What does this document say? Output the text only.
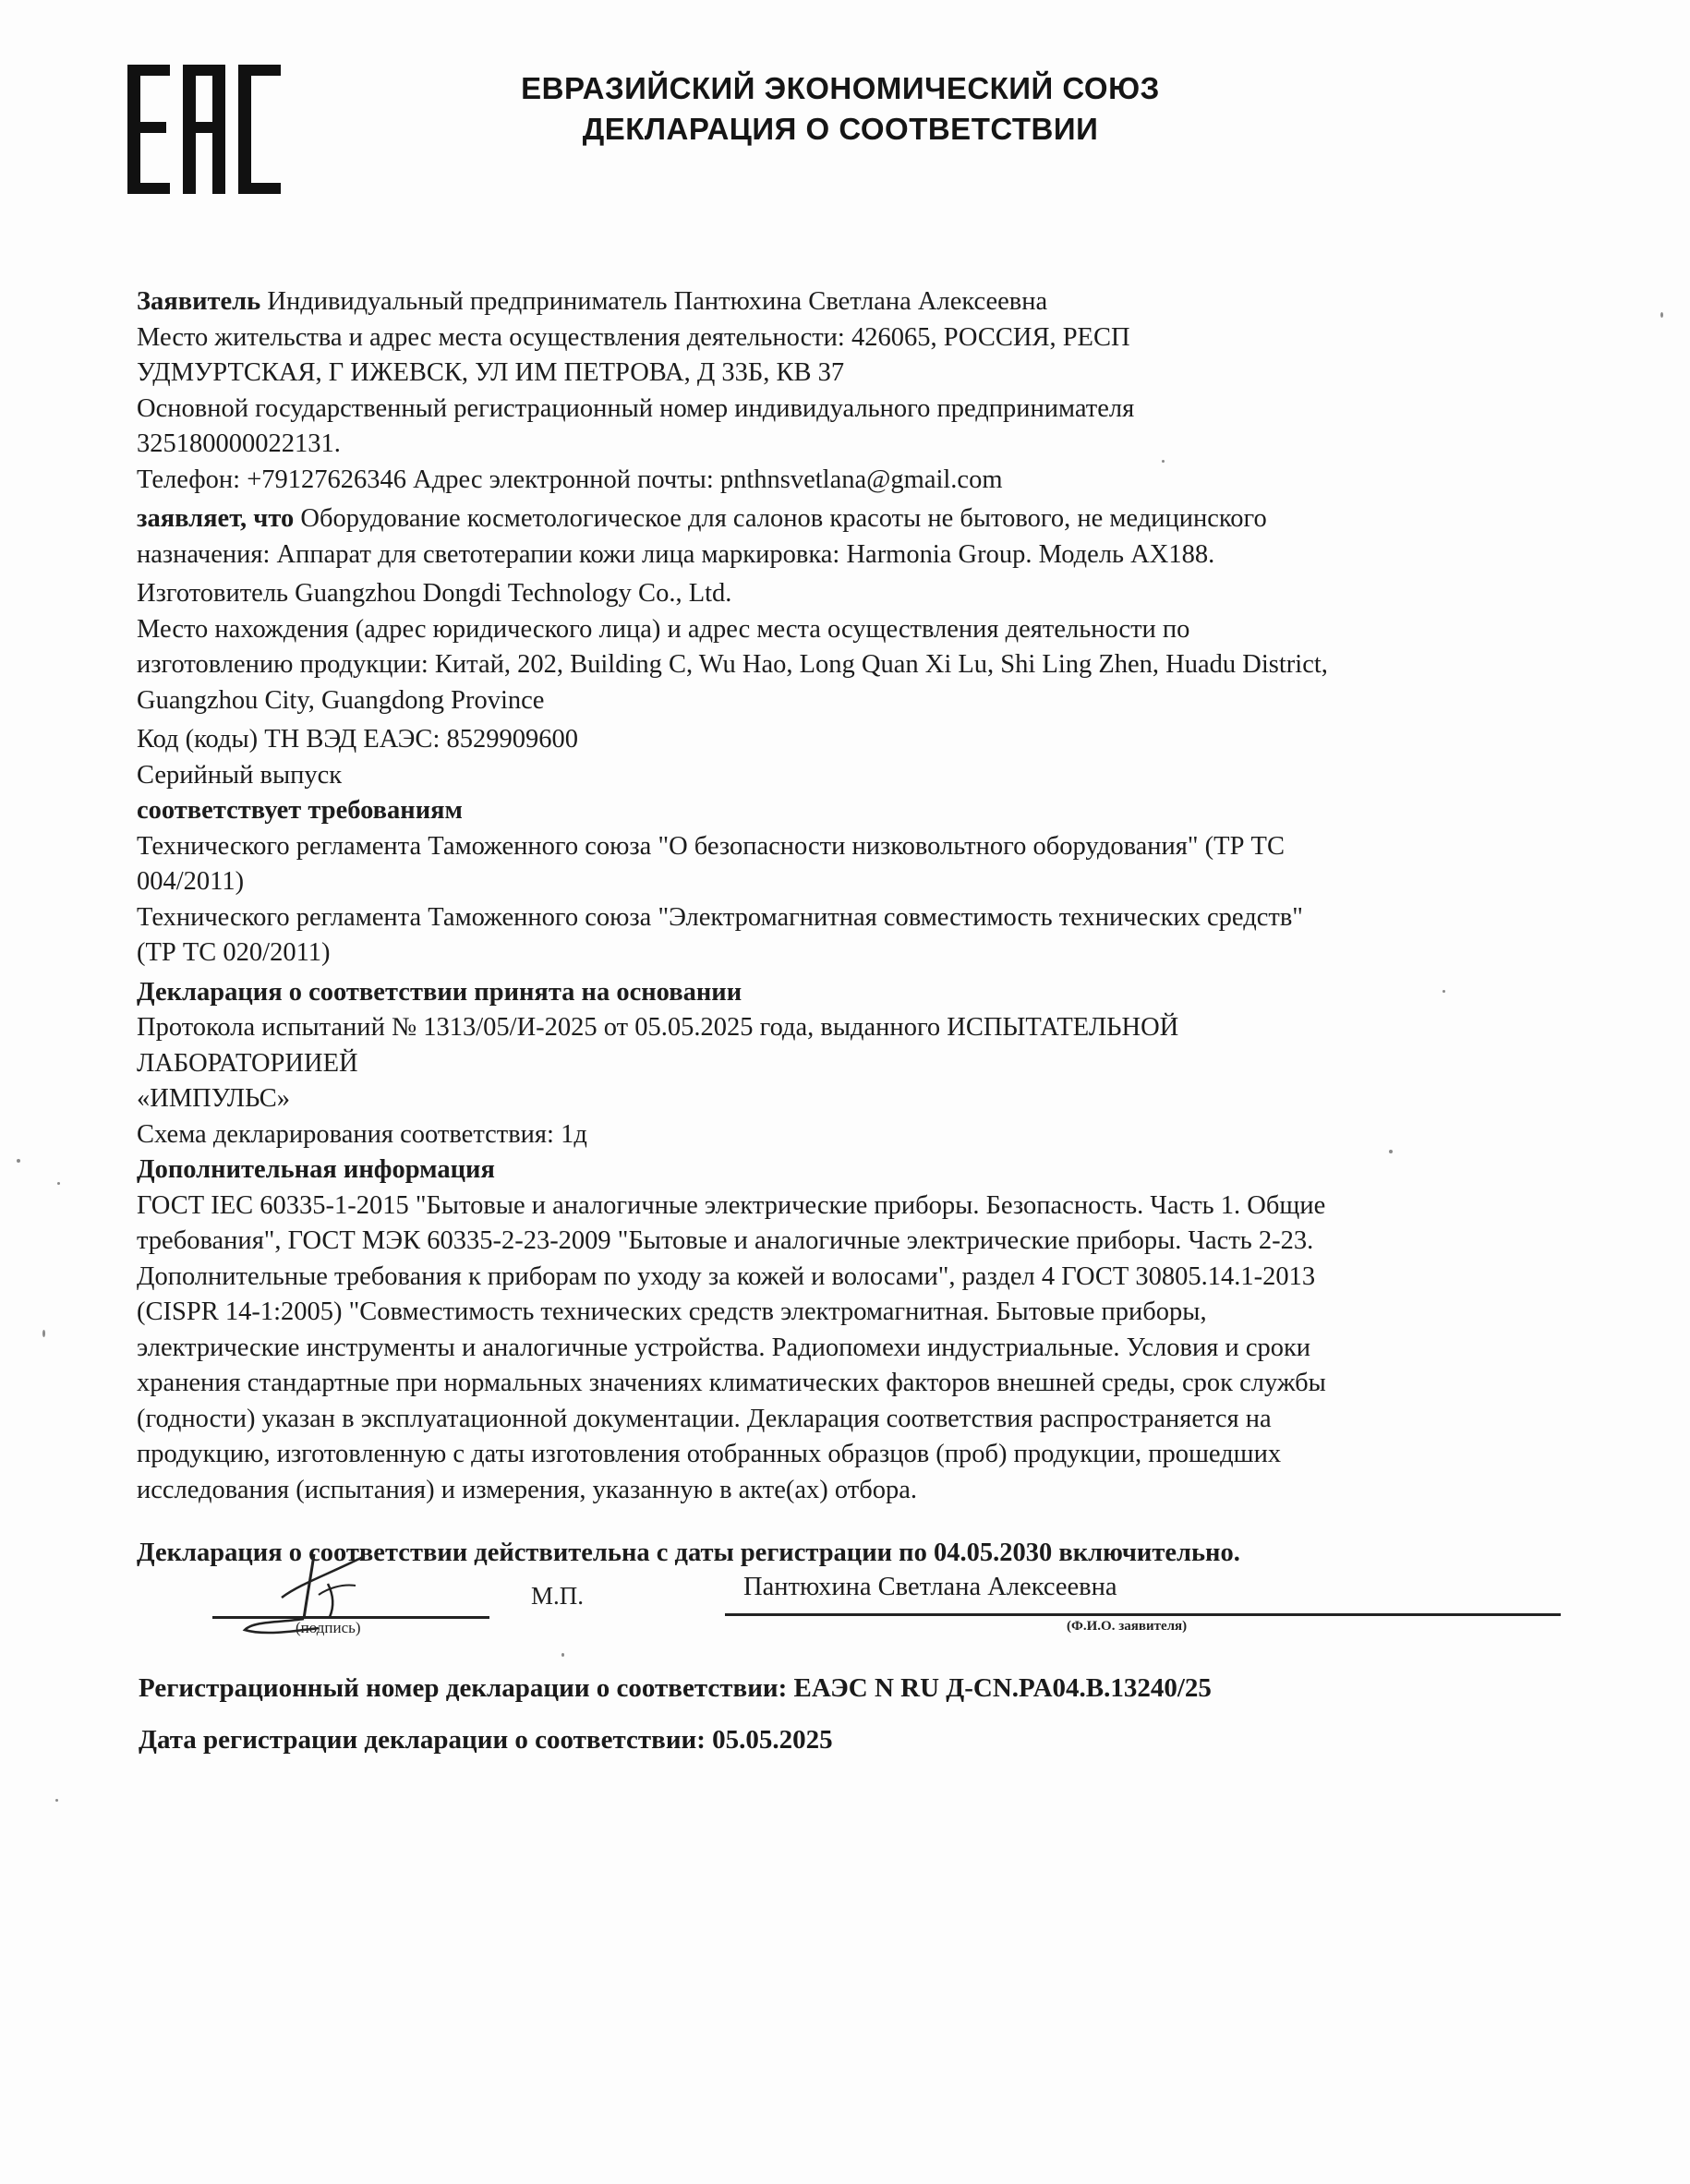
ЕВРАЗИЙСКИЙ ЭКОНОМИЧЕСКИЙ СОЮЗ
ДЕКЛАРАЦИЯ О СООТВЕТСТВИИ
Заявитель Индивидуальный предприниматель Пантюхина Светлана Алексеевна
Место жительства и адрес места осуществления деятельности: 426065, РОССИЯ, РЕСП
УДМУРТСКАЯ, Г ИЖЕВСК, УЛ ИМ ПЕТРОВА, Д 33Б, КВ 37
Основной государственный регистрационный номер индивидуального предпринимателя
325180000022131.
Телефон: +79127626346 Адрес электронной почты: pnthnsvetlana@gmail.com
заявляет, что Оборудование косметологическое для салонов красоты не бытового, не медицинского
назначения: Аппарат для светотерапии кожи лица маркировка: Harmonia Group. Модель AX188.
Изготовитель Guangzhou Dongdi Technology Co., Ltd.
Место нахождения (адрес юридического лица) и адрес места осуществления деятельности по
изготовлению продукции: Китай, 202, Building C, Wu Hao, Long Quan Xi Lu, Shi Ling Zhen, Huadu District,
Guangzhou City, Guangdong Province
Код (коды) ТН ВЭД ЕАЭС: 8529909600
Серийный выпуск
соответствует требованиям
Технического регламента Таможенного союза "О безопасности низковольтного оборудования" (ТР ТС
004/2011)
Технического регламента Таможенного союза "Электромагнитная совместимость технических средств"
(ТР ТС 020/2011)
Декларация о соответствии принята на основании
Протокола испытаний № 1313/05/И-2025 от 05.05.2025 года, выданного ИСПЫТАТЕЛЬНОЙ
ЛАБОРАТОРИИЕЙ
«ИМПУЛЬС»
Схема декларирования соответствия: 1д
Дополнительная информация
ГОСТ IEC 60335-1-2015 "Бытовые и аналогичные электрические приборы. Безопасность. Часть 1. Общие
требования", ГОСТ МЭК 60335-2-23-2009 "Бытовые и аналогичные электрические приборы. Часть 2-23.
Дополнительные требования к приборам по уходу за кожей и волосами", раздел 4 ГОСТ 30805.14.1-2013
(CISPR 14-1:2005) "Совместимость технических средств электромагнитная. Бытовые приборы,
электрические инструменты и аналогичные устройства. Радиопомехи индустриальные. Условия и сроки
хранения стандартные при нормальных значениях климатических факторов внешней среды, срок службы
(годности) указан в эксплуатационной документации. Декларация соответствия распространяется на
продукцию, изготовленную с даты изготовления отобранных образцов (проб) продукции, прошедших
исследования (испытания) и измерения, указанную в акте(ах) отбора.
Декларация о соответствии действительна с даты регистрации по 04.05.2030 включительно.
(подпись)
М.П.	Пантюхина Светлана Алексеевна
(Ф.И.О. заявителя)
Регистрационный номер декларации о соответствии: ЕАЭС N RU Д-CN.PA04.B.13240/25
Дата регистрации декларации о соответствии: 05.05.2025
